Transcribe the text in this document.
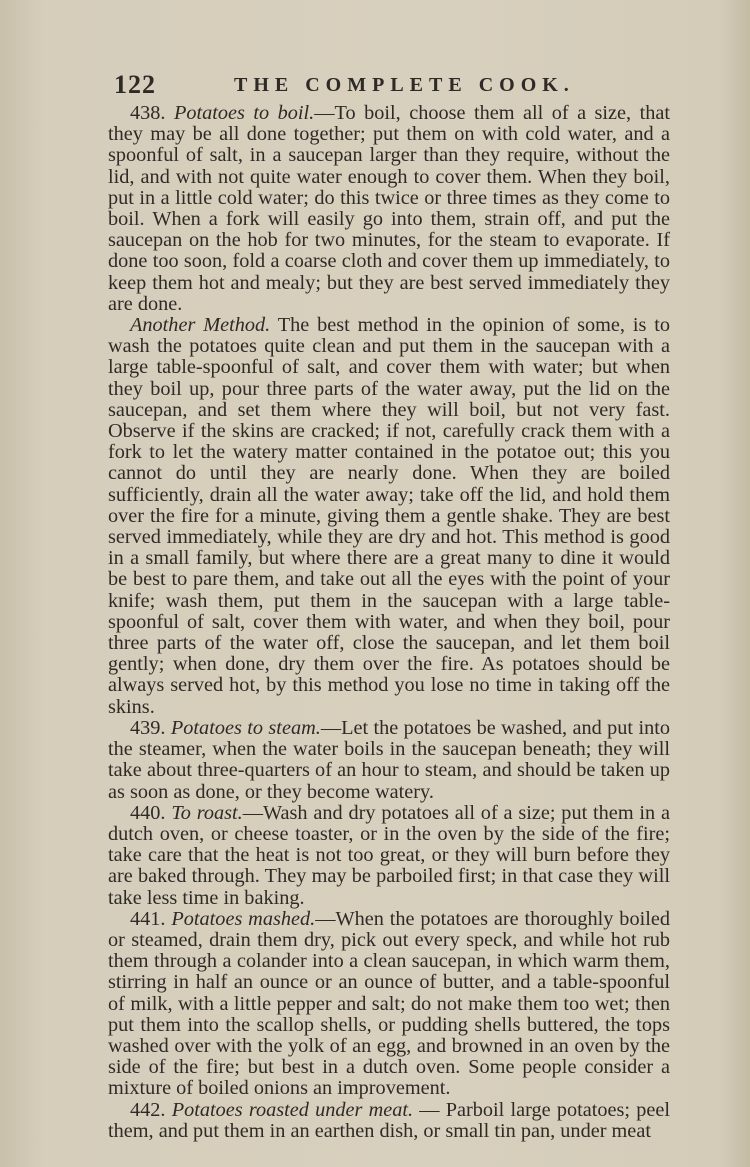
122	THE COMPLETE COOK.

438. Potatoes to boil.—To boil, choose them all of a size, that they may be all done together; put them on with cold water, and a spoonful of salt, in a saucepan larger than they require, without the lid, and with not quite water enough to cover them. When they boil, put in a little cold water; do this twice or three times as they come to boil. When a fork will easily go into them, strain off, and put the saucepan on the hob for two minutes, for the steam to evaporate. If done too soon, fold a coarse cloth and cover them up immediately, to keep them hot and mealy; but they are best served immediately they are done.

Another Method. The best method in the opinion of some, is to wash the potatoes quite clean and put them in the saucepan with a large table-spoonful of salt, and cover them with water; but when they boil up, pour three parts of the water away, put the lid on the saucepan, and set them where they will boil, but not very fast. Observe if the skins are cracked; if not, carefully crack them with a fork to let the watery matter contained in the potatoe out; this you cannot do until they are nearly done. When they are boiled sufficiently, drain all the water away; take off the lid, and hold them over the fire for a minute, giving them a gentle shake. They are best served immediately, while they are dry and hot. This method is good in a small family, but where there are a great many to dine it would be best to pare them, and take out all the eyes with the point of your knife; wash them, put them in the saucepan with a large table-spoonful of salt, cover them with water, and when they boil, pour three parts of the water off, close the saucepan, and let them boil gently; when done, dry them over the fire. As potatoes should be always served hot, by this method you lose no time in taking off the skins.

439. Potatoes to steam.—Let the potatoes be washed, and put into the steamer, when the water boils in the saucepan beneath; they will take about three-quarters of an hour to steam, and should be taken up as soon as done, or they become watery.

440. To roast.—Wash and dry potatoes all of a size; put them in a dutch oven, or cheese toaster, or in the oven by the side of the fire; take care that the heat is not too great, or they will burn before they are baked through. They may be parboiled first; in that case they will take less time in baking.

441. Potatoes mashed.—When the potatoes are thoroughly boiled or steamed, drain them dry, pick out every speck, and while hot rub them through a colander into a clean saucepan, in which warm them, stirring in half an ounce or an ounce of butter, and a table-spoonful of milk, with a little pepper and salt; do not make them too wet; then put them into the scallop shells, or pudding shells buttered, the tops washed over with the yolk of an egg, and browned in an oven by the side of the fire; but best in a dutch oven. Some people consider a mixture of boiled onions an improvement.

442. Potatoes roasted under meat. — Parboil large potatoes; peel them, and put them in an earthen dish, or small tin pan, under meat
